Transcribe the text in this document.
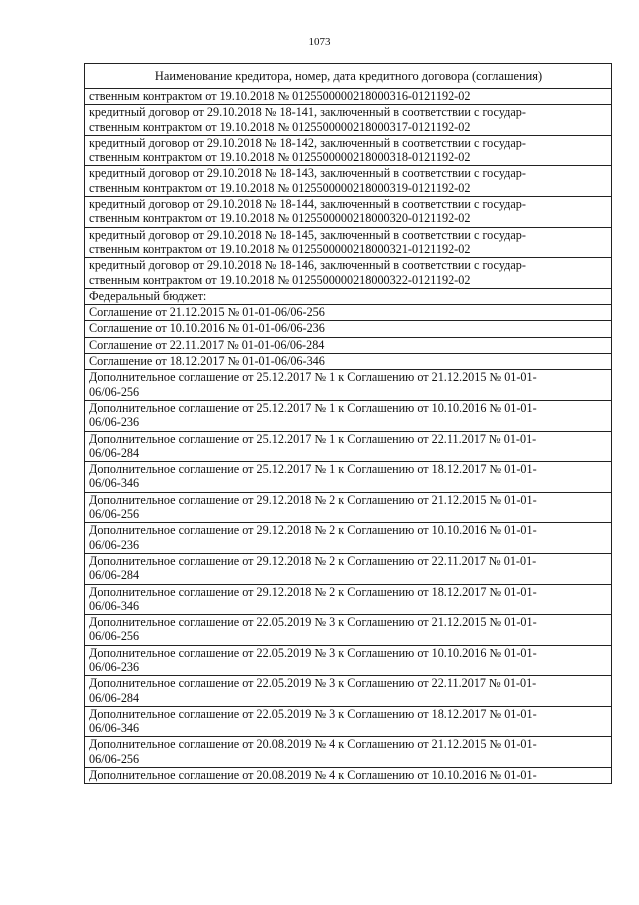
1073
Наименование кредитора, номер, дата кредитного договора (соглашения)

ственным контрактом от 19.10.2018 № 0125500000218000316-0121192-02

кредитный договор от 29.10.2018 № 18-141, заключенный в соответствии с государ-
ственным контрактом от 19.10.2018 № 0125500000218000317-0121192-02

кредитный договор от 29.10.2018 № 18-142, заключенный в соответствии с государ-
ственным контрактом от 19.10.2018 № 0125500000218000318-0121192-02

кредитный договор от 29.10.2018 № 18-143, заключенный в соответствии с государ-
ственным контрактом от 19.10.2018 № 0125500000218000319-0121192-02

кредитный договор от 29.10.2018 № 18-144, заключенный в соответствии с государ-
ственным контрактом от 19.10.2018 № 0125500000218000320-0121192-02

кредитный договор от 29.10.2018 № 18-145, заключенный в соответствии с государ-
ственным контрактом от 19.10.2018 № 0125500000218000321-0121192-02

кредитный договор от 29.10.2018 № 18-146, заключенный в соответствии с государ-
ственным контрактом от 19.10.2018 № 0125500000218000322-0121192-02

Федеральный бюджет:

Соглашение от 21.12.2015 № 01-01-06/06-256

Соглашение от 10.10.2016 № 01-01-06/06-236

Соглашение от 22.11.2017 № 01-01-06/06-284

Соглашение от 18.12.2017 № 01-01-06/06-346

Дополнительное соглашение от 25.12.2017 № 1 к Соглашению от 21.12.2015 № 01-01-
06/06-256

Дополнительное соглашение от 25.12.2017 № 1 к Соглашению от 10.10.2016 № 01-01-
06/06-236

Дополнительное соглашение от 25.12.2017 № 1 к Соглашению от 22.11.2017 № 01-01-
06/06-284

Дополнительное соглашение от 25.12.2017 № 1 к Соглашению от 18.12.2017 № 01-01-
06/06-346

Дополнительное соглашение от 29.12.2018 № 2 к Соглашению от 21.12.2015 № 01-01-
06/06-256

Дополнительное соглашение от 29.12.2018 № 2 к Соглашению от 10.10.2016 № 01-01-
06/06-236

Дополнительное соглашение от 29.12.2018 № 2 к Соглашению от 22.11.2017 № 01-01-
06/06-284

Дополнительное соглашение от 29.12.2018 № 2 к Соглашению от 18.12.2017 № 01-01-
06/06-346

Дополнительное соглашение от 22.05.2019 № 3 к Соглашению от 21.12.2015 № 01-01-
06/06-256

Дополнительное соглашение от 22.05.2019 № 3 к Соглашению от 10.10.2016 № 01-01-
06/06-236

Дополнительное соглашение от 22.05.2019 № 3 к Соглашению от 22.11.2017 № 01-01-
06/06-284

Дополнительное соглашение от 22.05.2019 № 3 к Соглашению от 18.12.2017 № 01-01-
06/06-346

Дополнительное соглашение от 20.08.2019 № 4 к Соглашению от 21.12.2015 № 01-01-
06/06-256

Дополнительное соглашение от 20.08.2019 № 4 к Соглашению от 10.10.2016 № 01-01-
